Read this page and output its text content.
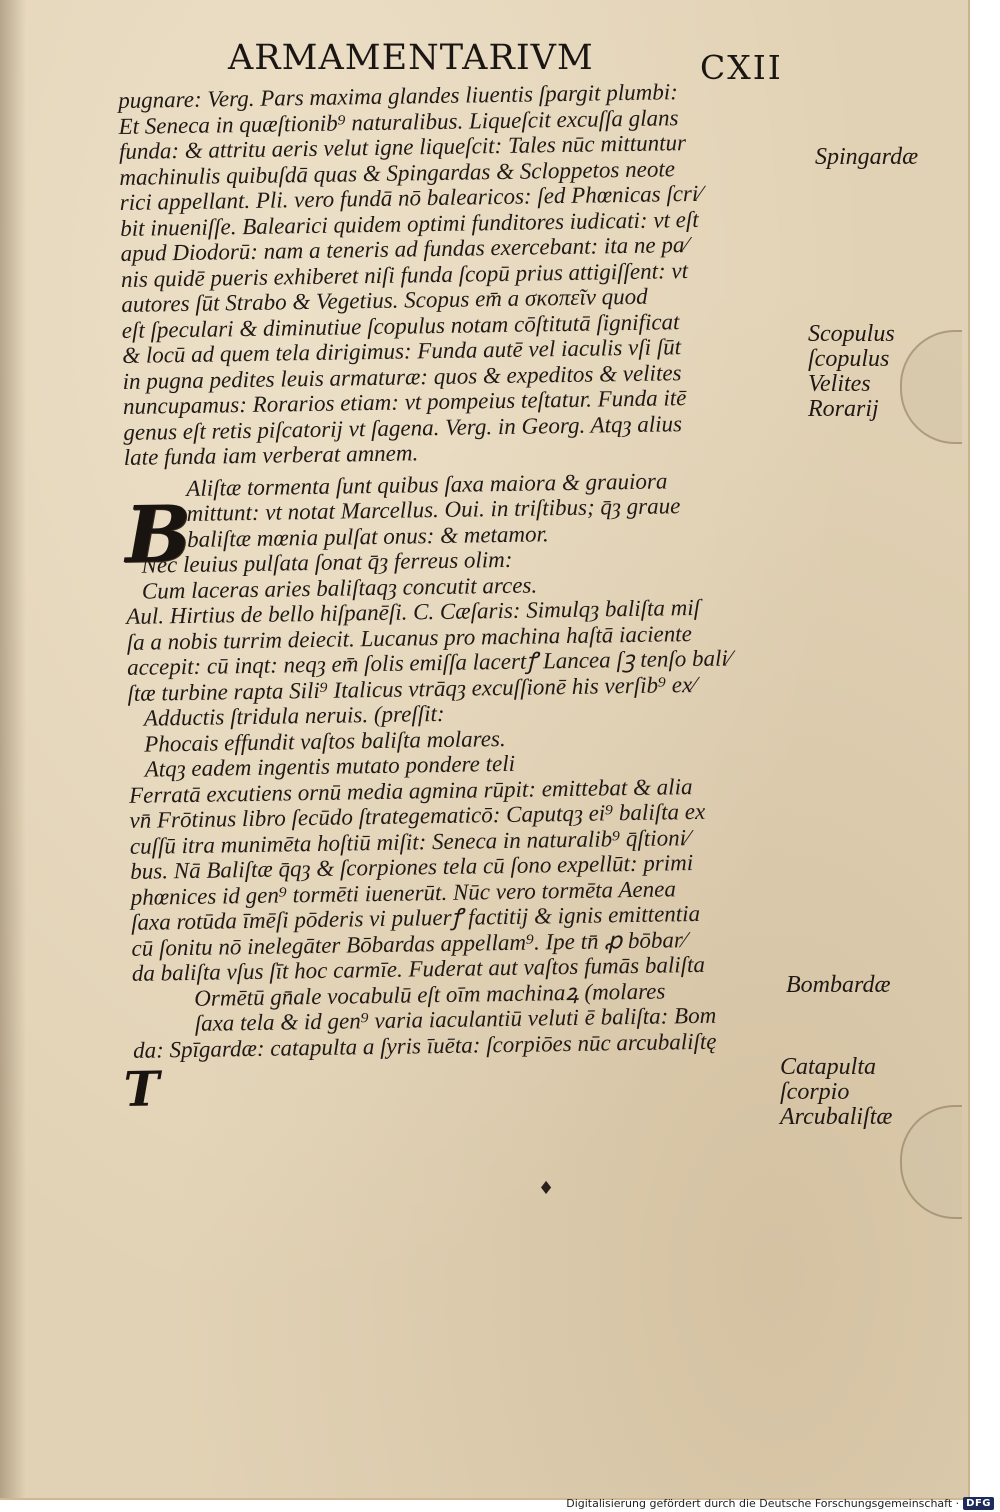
ARMAMENTARIVM	CXII
pugnare: Verg. Pars maxima glandes liuentis ſpargit plumbi:
Et Seneca in quæſtionib⁹ naturalibus. Liqueſcit excuſſa glans
funda: & attritu aeris velut igne liqueſcit: Tales nūc mittuntur
machinulis quibuſdā quas & Spingardas & Scloppetos neote
rici appellant. Pli. vero fundā nō balearicos: ſed Phœnicas ſcri⁄
bit inueniſſe. Balearici quidem optimi funditores iudicati: vt eſt
apud Diodorū: nam a teneris ad fundas exercebant: ita ne pa⁄
nis quidē pueris exhiberet niſi funda ſcopū prius attigiſſent: vt
autores ſūt Strabo & Vegetius. Scopus em̄ a σκοπεῖν quod
eſt ſpeculari & diminutiue ſcopulus notam cōſtitutā ſignificat
& locū ad quem tela dirigimus: Funda autē vel iaculis vſi ſūt
in pugna pedites leuis armaturæ: quos & expeditos & velites
nuncupamus: Rorarios etiam: vt pompeius teſtatur. Funda itē
genus eſt retis piſcatorij vt ſagena. Verg. in Georg. Atqȝ alius
late funda iam verberat amnem.
B
Aliſtæ tormenta ſunt quibus ſaxa maiora & grauiora
mittunt: vt notat Marcellus. Oui. in triſtibus; q̄ȝ graue
baliſtæ mœnia pulſat onus: & metamor.
Nec leuius pulſata ſonat q̄ȝ ferreus olim:
Cum laceras aries baliſtaqȝ concutit arces.
Aul. Hirtius de bello hiſpanēſi. C. Cæſaris: Simulqȝ baliſta miſ
ſa a nobis turrim deiecit. Lucanus pro machina haſtā iaciente
accepit: cū inqt: neqȝ em̄ ſolis emiſſa lacertꝭ Lancea ſꝫ tenſo bali⁄
ſtæ turbine rapta Sili⁹ Italicus vtrāqȝ excuſſionē his verſib⁹ ex⁄
Adductis ſtridula neruis. (preſſit:
Phocais effundit vaſtos baliſta molares.
Atqȝ eadem ingentis mutato pondere teli
Ferratā excutiens ornū media agmina rūpit: emittebat & alia
vn̄ Frōtinus libro ſecūdo ſtrategematicō: Caputqȝ ei⁹ baliſta ex
cuſſū itra munimēta hoſtiū miſit: Seneca in naturalib⁹ q̄ſtioni⁄
bus. Nā Baliſtæ q̄qȝ & ſcorpiones tela cū ſono expellūt: primi
phœnices id gen⁹ tormēti iuenerūt. Nūc vero tormēta Aenea
ſaxa rotūda īmēſi pōderis vi puluerꝭ factitij & ignis emittentia
cū ſonitu nō inelegāter Bōbardas appellam⁹. Ipe tn̄ ꝓ bōbar⁄
da baliſta vſus ſīt hoc carmīe. Fuderat aut vaſtos fumās baliſta
T
Ormētū gn̄ale vocabulū eſt oīm machinaꝝ (molares
ſaxa tela & id gen⁹ varia iaculantiū veluti ē baliſta: Bom
da: Spīgardæ: catapulta a ſyris īuēta: ſcorpiōes nūc arcubaliſtę
Spingardæ
Scopulus
ſcopulus
Velites
Rorarij
Bombardæ
Catapulta
ſcorpio
Arcubaliſtæ
♦
Digitalisierung gefördert durch die Deutsche Forschungsgemeinschaft · DFG
